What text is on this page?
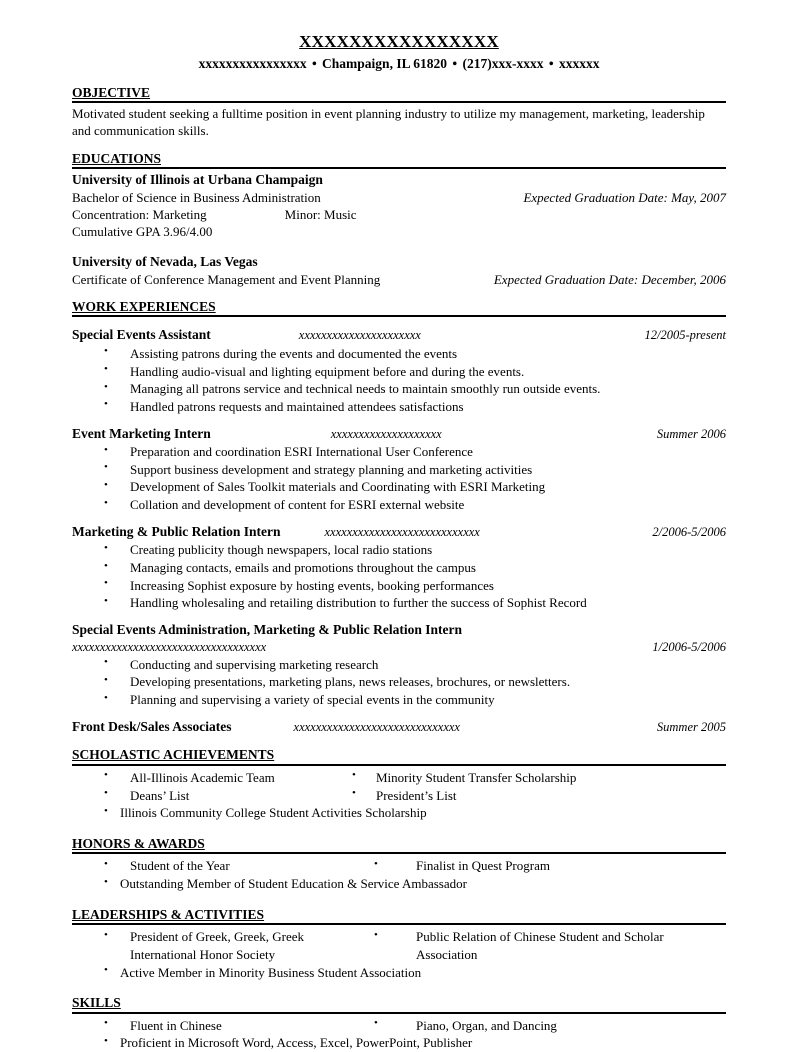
XXXXXXXXXXXXXXXX
xxxxxxxxxxxxxxxx • Champaign, IL 61820 • (217)xxx-xxxx • xxxxxx
OBJECTIVE

Motivated student seeking a fulltime position in event planning industry to utilize my management, marketing, leadership and communication skills.

EDUCATIONS
University of Illinois at Urbana Champaign
Bachelor of Science in Business Administration	Expected Graduation Date: May, 2007
Concentration: Marketing	Minor: Music
Cumulative GPA 3.96/4.00
University of Nevada, Las Vegas
Certificate of Conference Management and Event Planning	Expected Graduation Date: December, 2006
WORK EXPERIENCES
Special Events Assistant	xxxxxxxxxxxxxxxxxxxxxx	12/2005-present
• Assisting patrons during the events and documented the events
• Handling audio-visual and lighting equipment before and during the events.
• Managing all patrons service and technical needs to maintain smoothly run outside events.
• Handled patrons requests and maintained attendees satisfactions
Event Marketing Intern	xxxxxxxxxxxxxxxxxxxx	Summer 2006
• Preparation and coordination ESRI International User Conference
• Support business development and strategy planning and marketing activities
• Development of Sales Toolkit materials and Coordinating with ESRI Marketing
• Collation and development of content for ESRI external website
Marketing & Public Relation Intern	xxxxxxxxxxxxxxxxxxxxxxxxxxxx	2/2006-5/2006
• Creating publicity though newspapers, local radio stations
• Managing contacts, emails and promotions throughout the campus
• Increasing Sophist exposure by hosting events, booking performances
• Handling wholesaling and retailing distribution to further the success of Sophist Record
Special Events Administration, Marketing & Public Relation Intern
xxxxxxxxxxxxxxxxxxxxxxxxxxxxxxxxxxx	1/2006-5/2006
• Conducting and supervising marketing research
• Developing presentations, marketing plans, news releases, brochures, or newsletters.
• Planning and supervising a variety of special events in the community
Front Desk/Sales Associates	xxxxxxxxxxxxxxxxxxxxxxxxxxxxxx	Summer 2005
SCHOLASTIC ACHIEVEMENTS
• All-Illinois Academic Team
• Deans’ List
• Minority Student Transfer Scholarship
• President’s List
• Illinois Community College Student Activities Scholarship
HONORS & AWARDS
• Student of the Year	• Finalist in Quest Program
• Outstanding Member of Student Education & Service Ambassador
LEADERSHIPS & ACTIVITIES
• President of Greek, Greek, Greek International Honor Society
• Public Relation of Chinese Student and Scholar Association
• Active Member in Minority Business Student Association
SKILLS
• Fluent in Chinese	• Piano, Organ, and Dancing
• Proficient in Microsoft Word, Access, Excel, PowerPoint, Publisher
